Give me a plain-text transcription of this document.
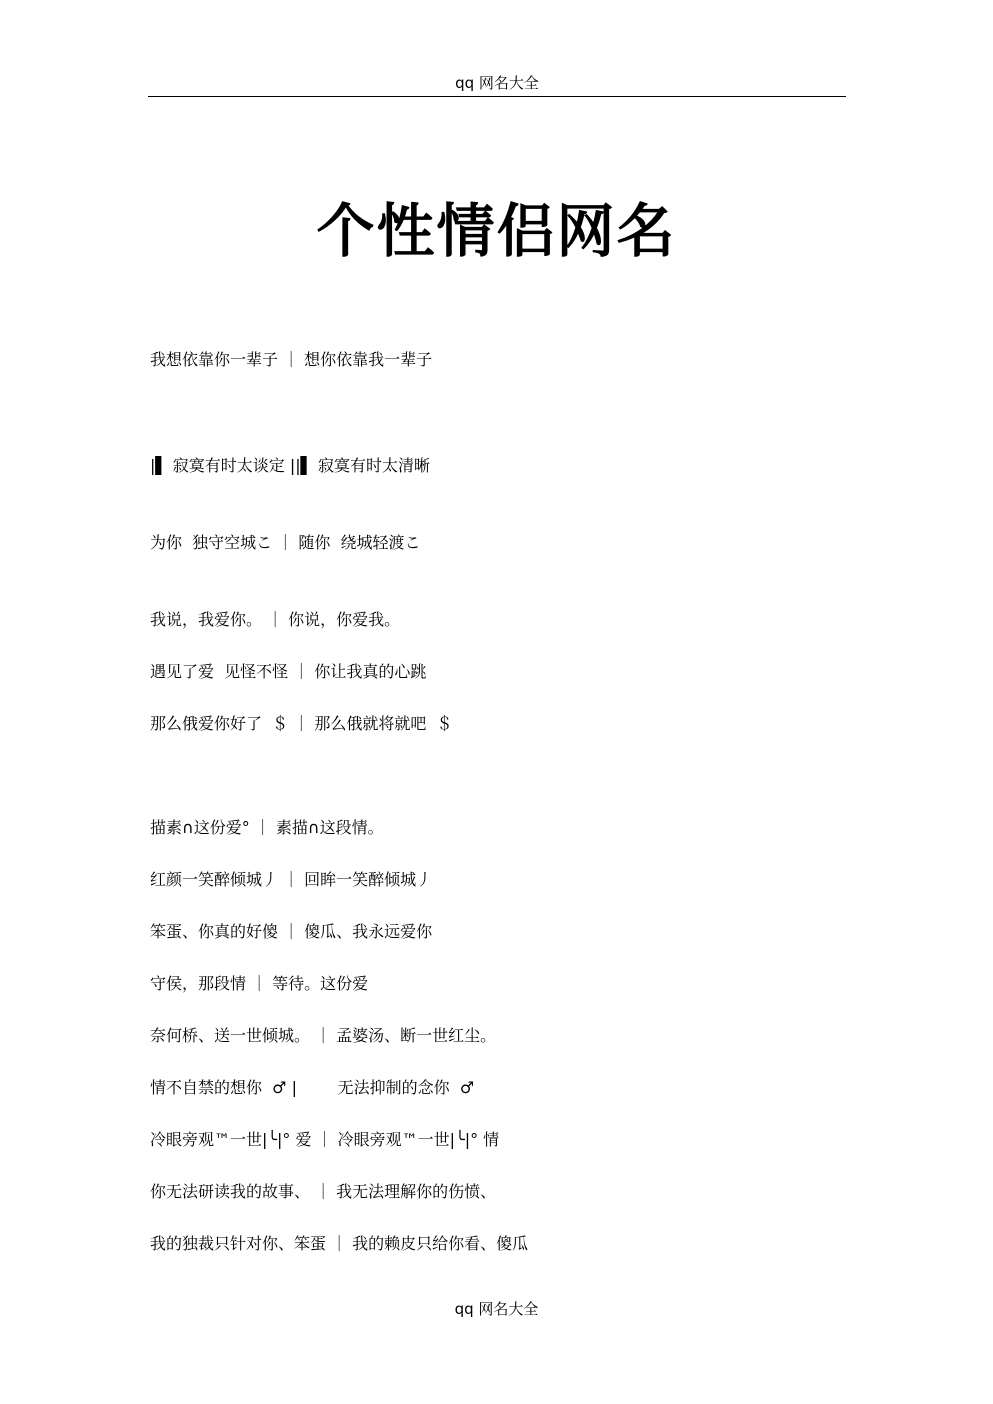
qq 网名大全
个性情侣网名
我想依靠你一辈子 ｜ 想你依靠我一辈子
|▌ 寂寞有时太谈定 ||▌ 寂寞有时太清晰
为你  独守空城こ ｜ 随你  绕城轻渡こ
我说，我爱你。 ｜ 你说，你爱我。
遇见了爱  见怪不怪 ｜ 你让我真的心跳
那么俄爱你好了  ＄ ｜ 那么俄就将就吧  ＄
描素∩这份爱° ｜ 素描∩这段情。
红颜一笑醉倾城丿 ｜ 回眸一笑醉倾城丿
笨蛋、你真的好傻 ｜ 傻瓜、我永远爱你
守侯，那段情 ｜ 等待。这份爱
奈何桥、送一世倾城。 ｜ 孟婆汤、断一世红尘。
情不自禁的想你  ♂ |        无法抑制的念你  ♂
冷眼旁观™一世|╰|° 爱 ｜ 冷眼旁观™一世|╰|° 情
你无法研读我的故事、 ｜ 我无法理解你的伤愤、
我的独裁只针对你、笨蛋 ｜ 我的赖皮只给你看、傻瓜
qq 网名大全
